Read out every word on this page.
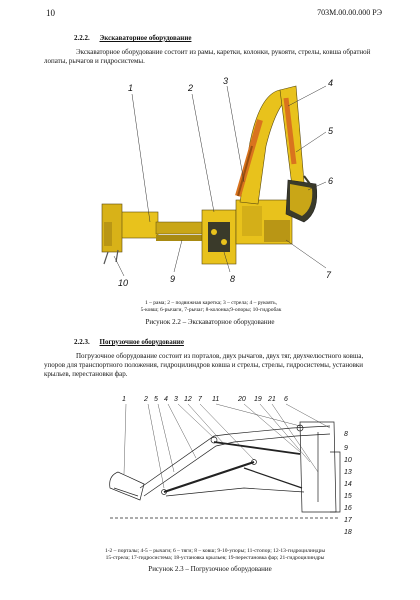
10	703М.00.00.000 РЭ
2.2.2. Экскаваторное оборудование
Экскаваторное оборудование состоит из рамы, каретки, колонки, рукояти, стрелы, ковша обратной лопаты, рычагов и гидросистемы.
1	2
3	4
5
6
7
8
9
10
1 – рама; 2 – подвижная каретка; 3 – стрела; 4 – рукоять,
5-ковш; 6-рычаги, 7-рычаг; 8-колонка;9-опоры; 10-гидробак
Рисунок 2.2 – Экскаваторное оборудование
2.2.3. Погрузочное оборудование
Погрузочное оборудование состоит из порталов, двух рычагов, двух тяг, двухчелюстного ковша, упоров для транспортного положения, гидроцилиндров ковша и стрелы, стрелы, гидросистемы, установки крыльев, перестановки фар.
1	2 5 4 3 12 7 11	20 19 21 6
8
9
10
13
14
15
16
17
18
1-2 – порталы; 4-5 – рычаги; 6 – тяги; 8 – ковш; 9-10-упоры; 11-стопор; 12-13-гидроцилиндры
15-стрела; 17-гидросистема; 18-установка крыльев; 19-перестановка фар; 21-гидроцилиндры
Рисунок 2.3 – Погрузочное оборудование
